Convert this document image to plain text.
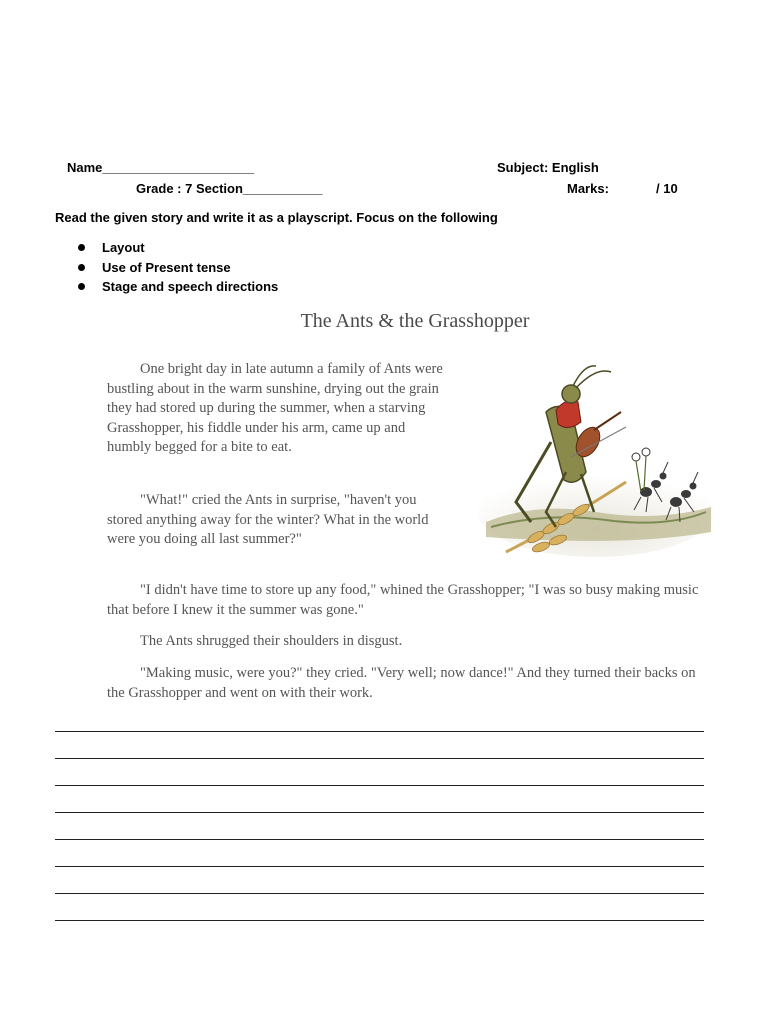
Name_____________________
Grade : 7 Section___________
Subject: English
Marks:	/ 10
Read the given story and write it as a playscript. Focus on the following
Layout
Use of Present tense
Stage and speech directions
The Ants & the Grasshopper

One bright day in late autumn a family of Ants were bustling about in the warm sunshine, drying out the grain they had stored up during the summer, when a starving Grasshopper, his fiddle under his arm, came up and humbly begged for a bite to eat.

"What!" cried the Ants in surprise, "haven't you stored anything away for the winter? What in the world were you doing all last summer?"

"I didn't have time to store up any food," whined the Grasshopper; "I was so busy making music that before I knew it the summer was gone."

The Ants shrugged their shoulders in disgust.

"Making music, were you?" they cried. "Very well; now dance!" And they turned their backs on the Grasshopper and went on with their work.
